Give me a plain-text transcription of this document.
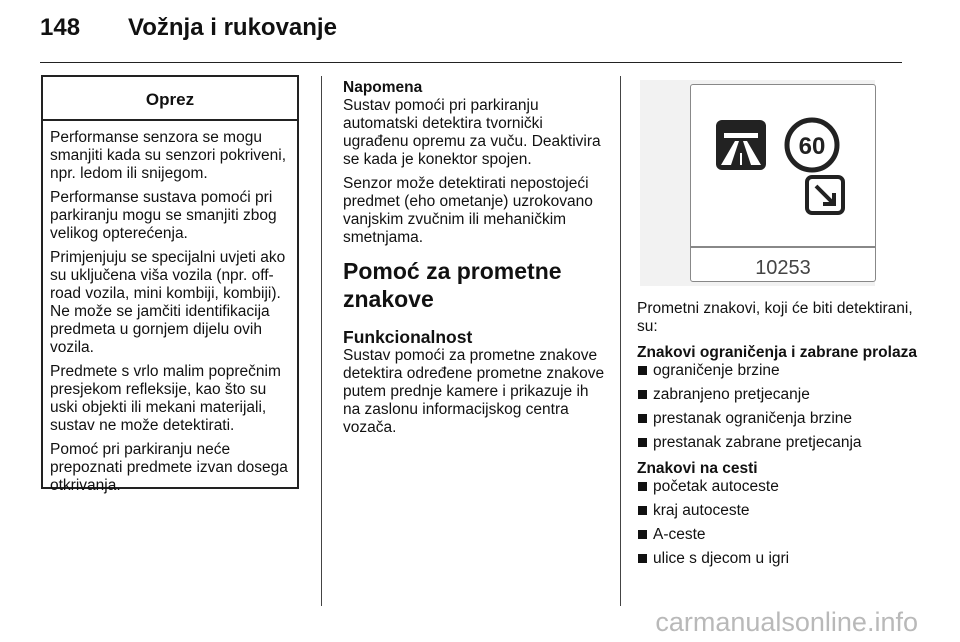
148 Vožnja i rukovanje
Oprez

Performanse senzora se mogu smanjiti kada su senzori pokriveni, npr. ledom ili snijegom.

Performanse sustava pomoći pri parkiranju mogu se smanjiti zbog velikog opterećenja.

Primjenjuju se specijalni uvjeti ako su uključena viša vozila (npr. off-road vozila, mini kombiji, kombiji). Ne može se jamčiti identifikacija predmeta u gornjem dijelu ovih vozila.

Predmete s vrlo malim poprečnim presjekom refleksije, kao što su uski objekti ili mekani materijali, sustav ne može detektirati.

Pomoć pri parkiranju neće prepoznati predmete izvan dosega otkrivanja.

Napomena

Sustav pomoći pri parkiranju automatski detektira tvornički ugrađenu opremu za vuču. Deaktivira se kada je konektor spojen.

Senzor može detektirati nepostojeći predmet (eho ometanje) uzrokovano vanjskim zvučnim ili mehaničkim smetnjama.

Pomoć za prometne znakove
Funkcionalnost

Sustav pomoći za prometne znakove detektira određene prometne znakove putem prednje kamere i prikazuje ih na zaslonu informacijskog centra vozača.

60
10253

Prometni znakovi, koji će biti detektirani, su:

Znakovi ograničenja i zabrane prolaza
ograničenje brzine
zabranjeno pretjecanje
prestanak ograničenja brzine
prestanak zabrane pretjecanja
Znakovi na cesti
početak autoceste
kraj autoceste
A-ceste
ulice s djecom u igri
carmanualsonline.info
